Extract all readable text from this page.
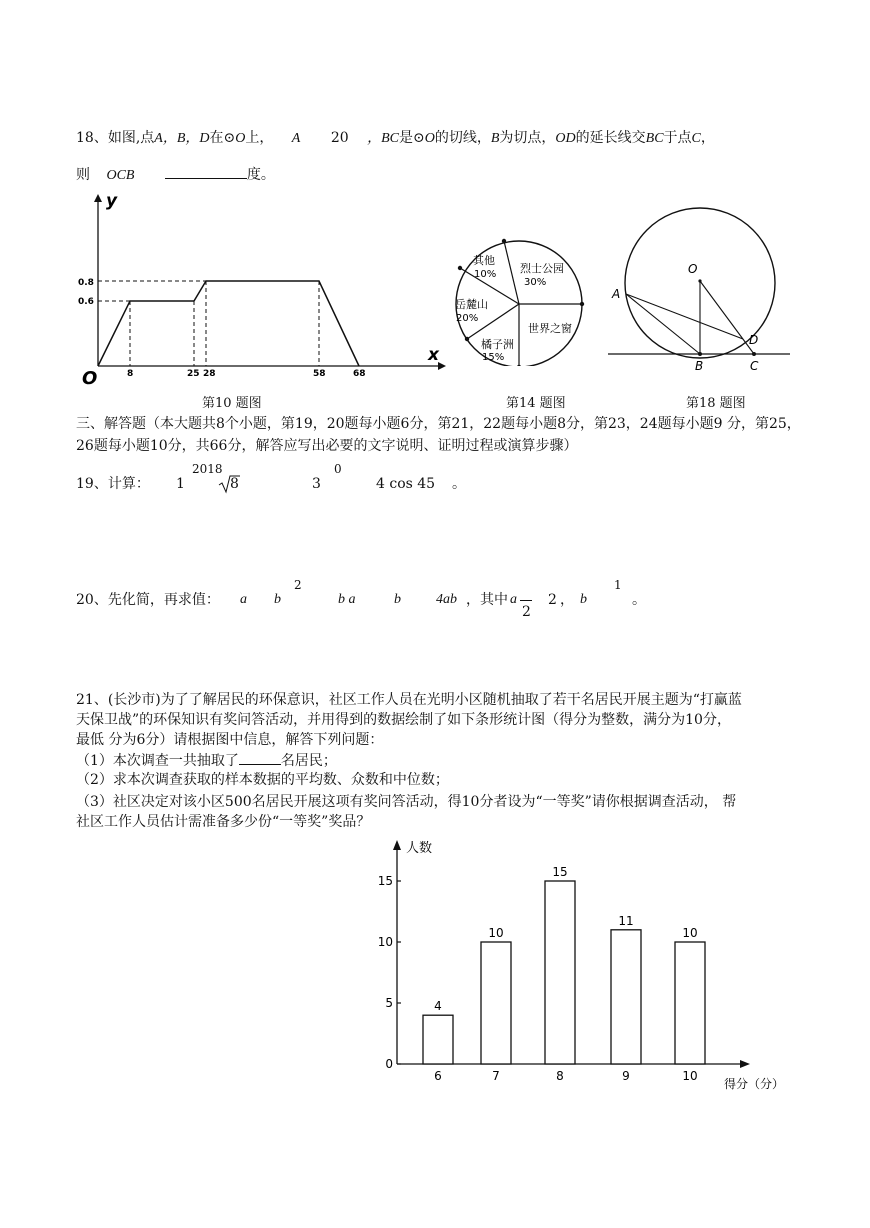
18、如图,点A，B，D在⊙O上， A 20 ，BC是⊙O的切线，B为切点，OD的延长线交BC于点C，
则 OCB	度。
y
x
O
0.8
0.6
8	25 28	58	68
第10 题图
其他
10% 烈士公园
30%
岳麓山
20%
世界之窗
橘子洲
15%
第14 题图
O
A
B	C
D
第18 题图
三、解答题（本大题共8个小题，第19，20题每小题6分，第21，22题每小题8分，第23，24题每小题9 分，第25，
26题每小题10分，共66分，解答应写出必要的文字说明、证明过程或演算步骤）
19、计算： 1
2018
8	3
0
4 cos 45 。
20、先化简，再求值： a b
2
b a	b	4ab ，其中 a
2
2 ， b
1
。
21、(长沙市)为了了解居民的环保意识，社区工作人员在光明小区随机抽取了若干名居民开展主题为“打赢蓝
天保卫战”的环保知识有奖问答活动，并用得到的数据绘制了如下条形统计图（得分为整数，满分为10分，
最低 分为6分）请根据图中信息，解答下列问题：
（1）本次调查一共抽取了	名居民；
（2）求本次调查获取的样本数据的平均数、众数和中位数；
（3）社区决定对该小区500名居民开展这项有奖问答活动，得10分者设为“一等奖”请你根据调查活动， 帮
社区工作人员估计需准备多少份“一等奖”奖品？
人数
得分（分）
0
5
10
15
4
6
10
7
15
8
11
9
10
10
